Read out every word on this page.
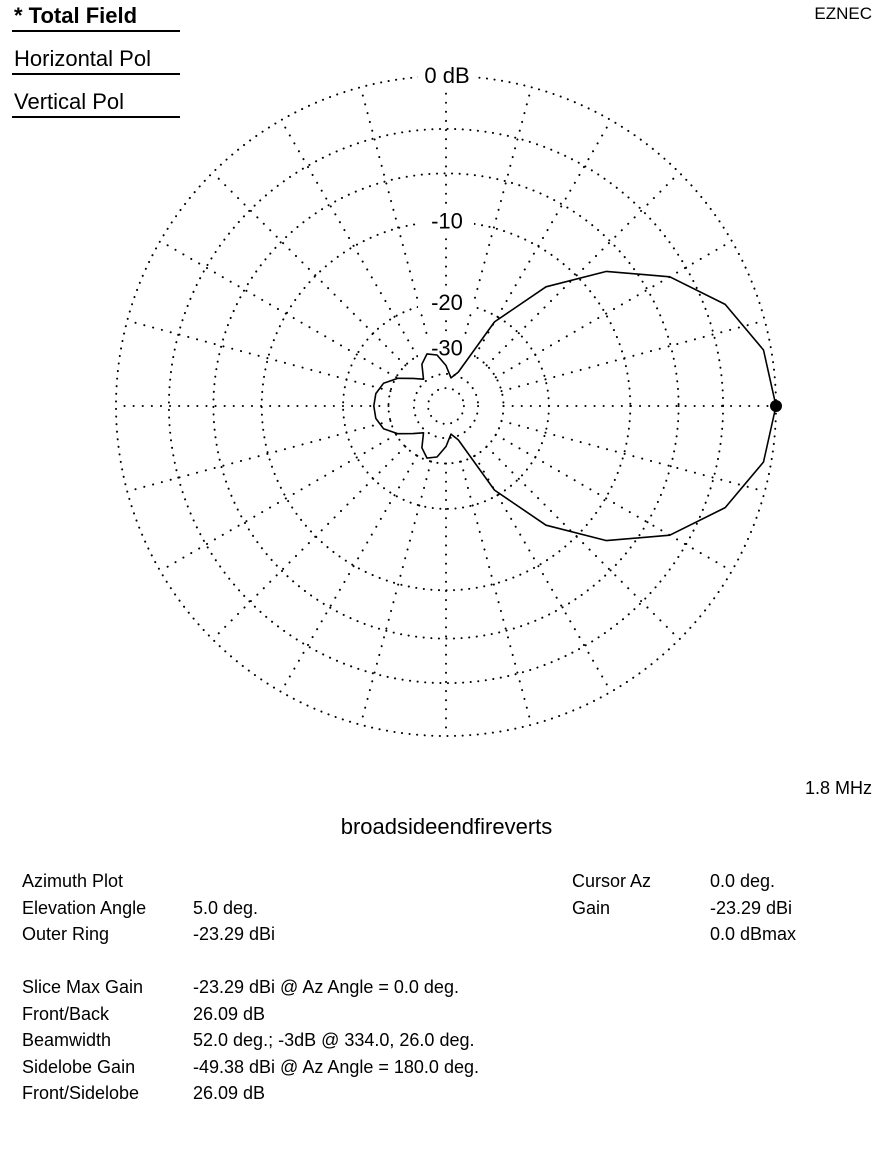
0 dB
-10
-20
-30
* Total Field
Horizontal Pol
Vertical Pol
EZNEC
1.8 MHz
broadsideendfireverts
Azimuth Plot
Elevation Angle
Outer Ring
5.0 deg.
-23.29 dBi
Cursor Az
Gain
0.0 deg.
-23.29 dBi
0.0 dBmax
Slice Max Gain
Front/Back
Beamwidth
Sidelobe Gain
Front/Sidelobe
-23.29 dBi @ Az Angle = 0.0 deg.
26.09 dB
52.0 deg.; -3dB @ 334.0, 26.0 deg.
-49.38 dBi @ Az Angle = 180.0 deg.
26.09 dB
